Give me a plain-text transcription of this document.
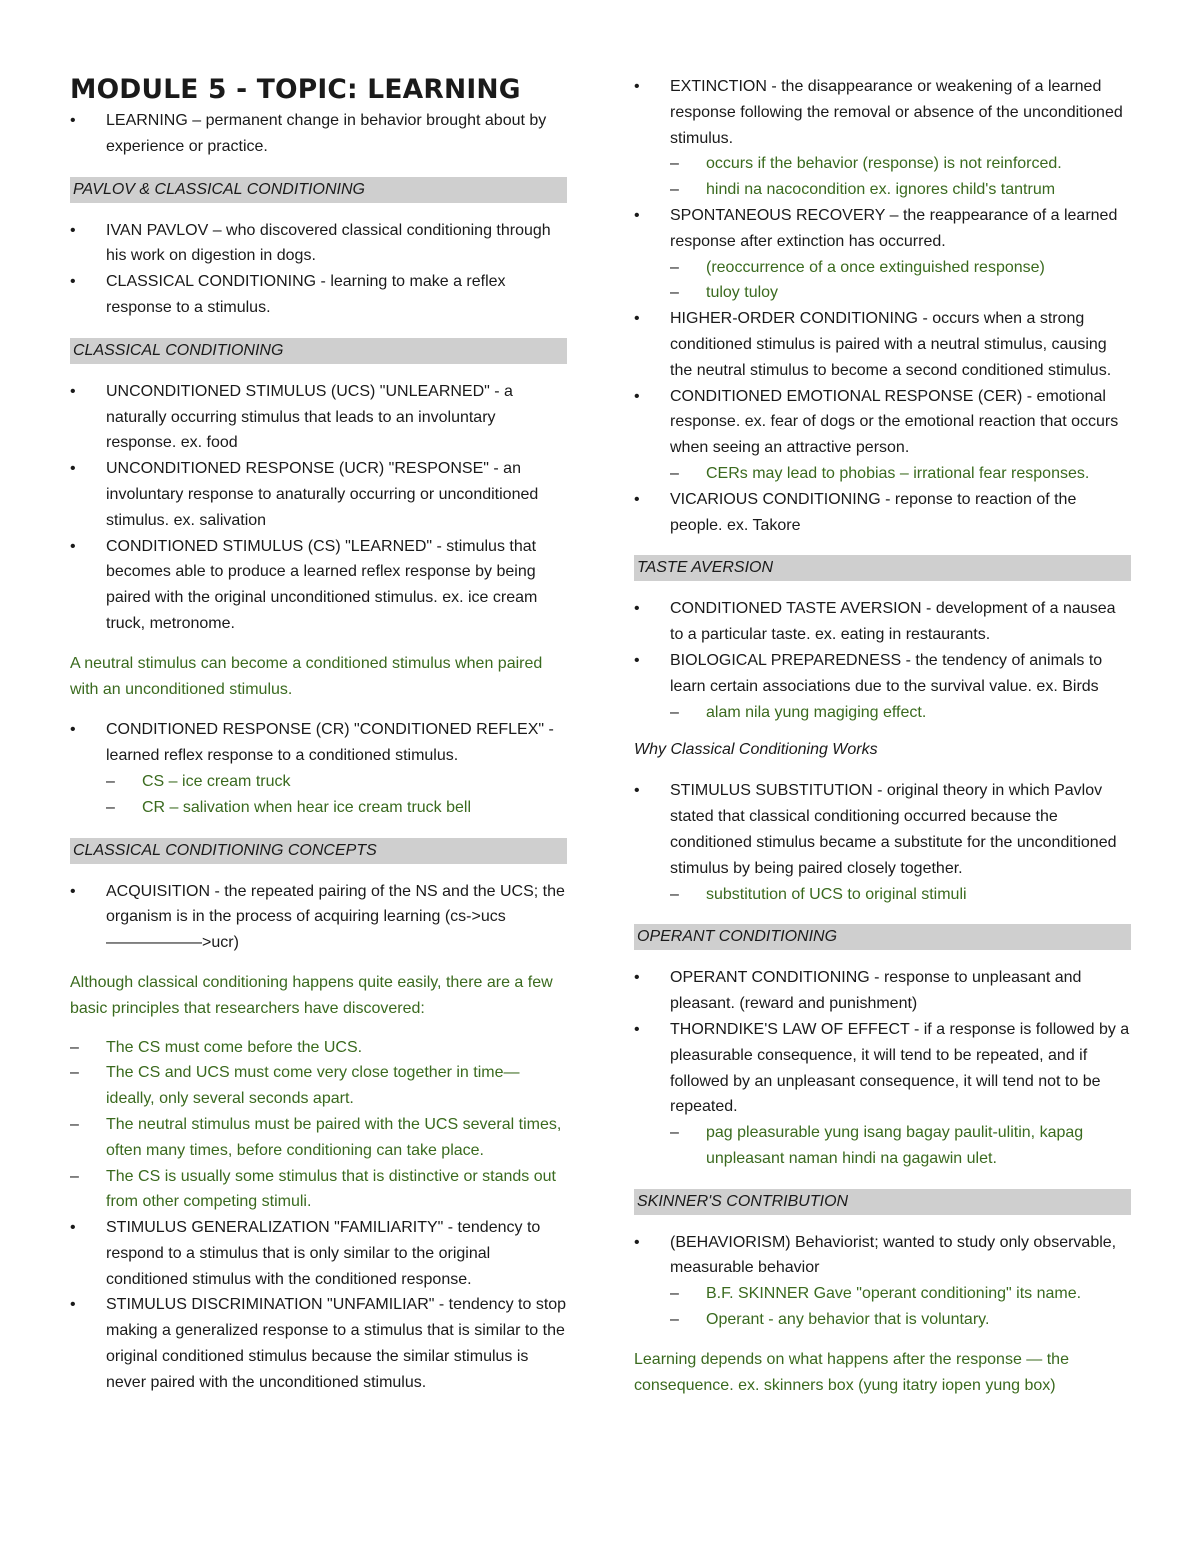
MODULE 5 - TOPIC: LEARNING
• LEARNING – permanent change in behavior brought about by experience or practice.
PAVLOV & CLASSICAL CONDITIONING
• IVAN PAVLOV – who discovered classical conditioning through his work on digestion in dogs.
• CLASSICAL CONDITIONING - learning to make a reflex response to a stimulus.
CLASSICAL CONDITIONING
• UNCONDITIONED STIMULUS (UCS) "UNLEARNED" - a naturally occurring stimulus that leads to an involuntary response. ex. food
• UNCONDITIONED RESPONSE (UCR) "RESPONSE" - an involuntary response to anaturally occurring or unconditioned stimulus. ex. salivation
• CONDITIONED STIMULUS (CS) "LEARNED" - stimulus that becomes able to produce a learned reflex response by being paired with the original unconditioned stimulus. ex. ice cream truck, metronome.
A neutral stimulus can become a conditioned stimulus when paired with an unconditioned stimulus.
• CONDITIONED RESPONSE (CR) "CONDITIONED REFLEX" - learned reflex response to a conditioned stimulus.
– CS – ice cream truck
– CR – salivation when hear ice cream truck bell
CLASSICAL CONDITIONING CONCEPTS
• ACQUISITION - the repeated pairing of the NS and the UCS; the organism is in the process of acquiring learning (cs->ucs——————>ucr)
Although classical conditioning happens quite easily, there are a few basic principles that researchers have discovered:
– The CS must come before the UCS.
– The CS and UCS must come very close together in time—ideally, only several seconds apart.
– The neutral stimulus must be paired with the UCS several times, often many times, before conditioning can take place.
– The CS is usually some stimulus that is distinctive or stands out from other competing stimuli.
• STIMULUS GENERALIZATION "FAMILIARITY" - tendency to respond to a stimulus that is only similar to the original conditioned stimulus with the conditioned response.
• STIMULUS DISCRIMINATION "UNFAMILIAR" - tendency to stop making a generalized response to a stimulus that is similar to the original conditioned stimulus because the similar stimulus is never paired with the unconditioned stimulus.
• EXTINCTION - the disappearance or weakening of a learned response following the removal or absence of the unconditioned stimulus.
– occurs if the behavior (response) is not reinforced.
– hindi na nacocondition ex. ignores child's tantrum
• SPONTANEOUS RECOVERY – the reappearance of a learned response after extinction has occurred.
– (reoccurrence of a once extinguished response)
– tuloy tuloy
• HIGHER-ORDER CONDITIONING - occurs when a strong conditioned stimulus is paired with a neutral stimulus, causing the neutral stimulus to become a second conditioned stimulus.
• CONDITIONED EMOTIONAL RESPONSE (CER) - emotional response. ex. fear of dogs or the emotional reaction that occurs when seeing an attractive person.
– CERs may lead to phobias – irrational fear responses.
• VICARIOUS CONDITIONING - reponse to reaction of the people. ex. Takore
TASTE AVERSION
• CONDITIONED TASTE AVERSION - development of a nausea to a particular taste. ex. eating in restaurants.
• BIOLOGICAL PREPAREDNESS - the tendency of animals to learn certain associations due to the survival value. ex. Birds
– alam nila yung magiging effect.
Why Classical Conditioning Works
• STIMULUS SUBSTITUTION - original theory in which Pavlov stated that classical conditioning occurred because the conditioned stimulus became a substitute for the unconditioned stimulus by being paired closely together.
– substitution of UCS to original stimuli
OPERANT CONDITIONING
• OPERANT CONDITIONING - response to unpleasant and pleasant. (reward and punishment)
• THORNDIKE'S LAW OF EFFECT - if a response is followed by a pleasurable consequence, it will tend to be repeated, and if followed by an unpleasant consequence, it will tend not to be repeated.
– pag pleasurable yung isang bagay paulit-ulitin, kapag unpleasant naman hindi na gagawin ulet.
SKINNER'S CONTRIBUTION
• (BEHAVIORISM) Behaviorist; wanted to study only observable, measurable behavior
– B.F. SKINNER Gave "operant conditioning" its name.
– Operant - any behavior that is voluntary.
Learning depends on what happens after the response — the consequence. ex. skinners box (yung itatry iopen yung box)
